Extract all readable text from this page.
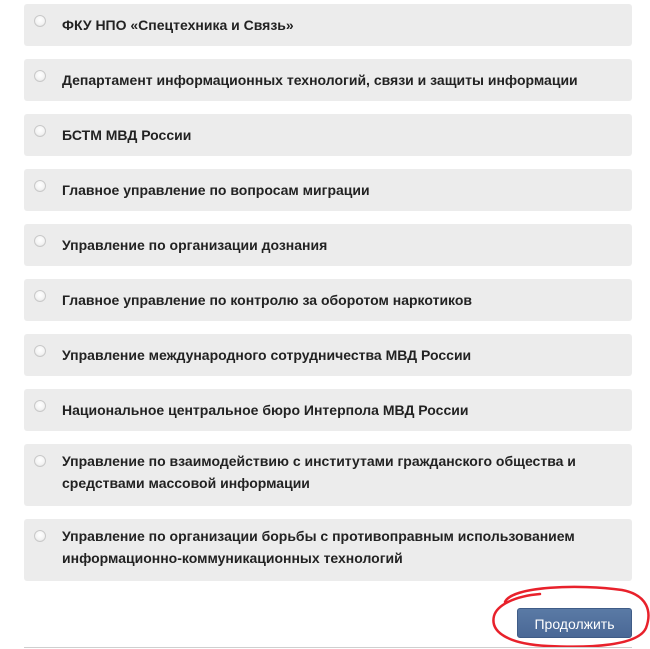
ФКУ НПО «Спецтехника и Связь»
Департамент информационных технологий, связи и защиты информации
БСТМ МВД России
Главное управление по вопросам миграции
Управление по организации дознания
Главное управление по контролю за оборотом наркотиков
Управление международного сотрудничества МВД России
Национальное центральное бюро Интерпола МВД России
Управление по взаимодействию с институтами гражданского общества и средствами массовой информации
Управление по организации борьбы с противоправным использованием информационно-коммуникационных технологий
Продолжить
